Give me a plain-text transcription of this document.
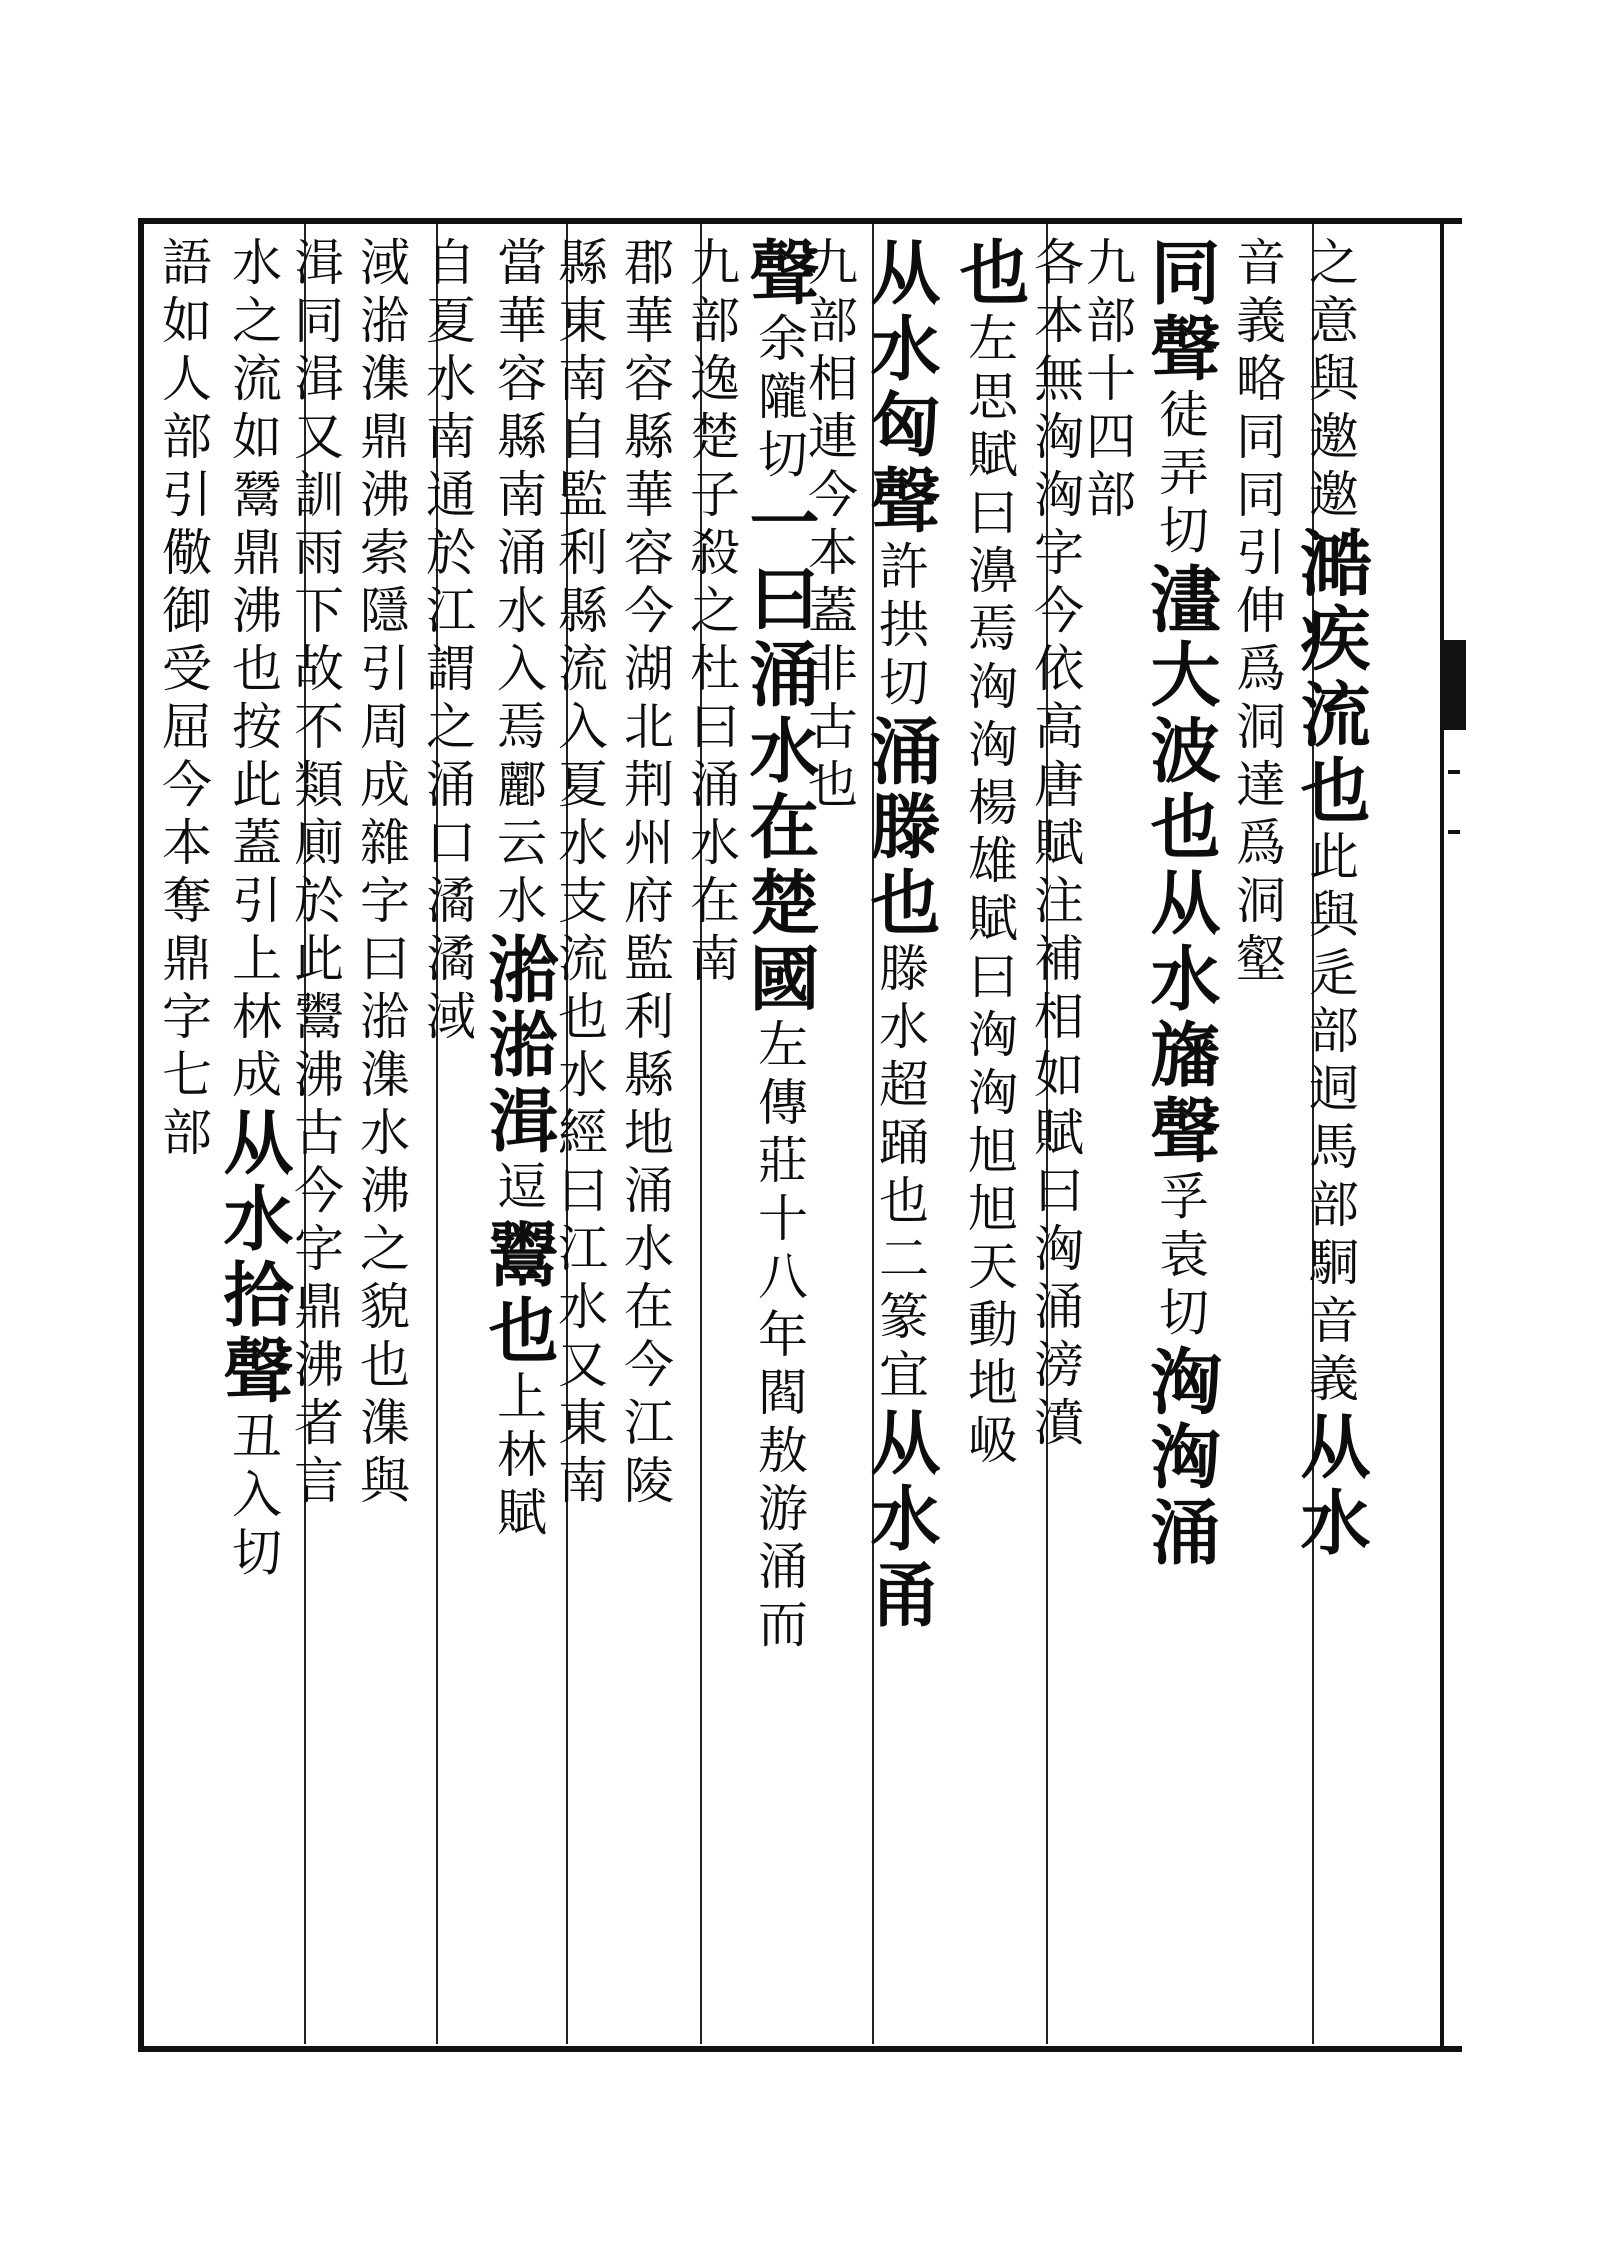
之意與邀邀㵆疾流也此與辵部迵馬部駧音義从水
音義略同同引伸爲洞達爲洞壑
同聲徒弄切澅大波也从水旛聲孚袁切洶洶涌
九部十四部
各本無洶洶字今依高唐賦注補相如賦曰洶涌滂濆
也左思賦曰濞焉洶洶楊雄賦曰洶洶旭旭天動地岋
从水匈聲許拱切涌滕也滕水超踊也二篆宜从水甬
九部相連今本蓋非古也
聲余隴切一曰涌水在楚國左傳莊十八年閻敖游涌而
九部逸楚子殺之杜曰涌水在南
郡華容縣華容今湖北荆州府監利縣地涌水在今江陵
縣東南自監利縣流入夏水支流也水經曰江水又東南
當華容縣南涌水入焉酈云水湁湁湒逗鬻也上林賦
自夏水南通於江謂之涌口潏潏淢
淢湁潗鼎沸索隱引周成雜字曰湁潗水沸之貌也潗與
湒同湒又訓雨下故不類廁於此鬻沸古今字鼎沸者言
水之流如鬵鼎沸也按此蓋引上林成从水拾聲丑入切
語如人部引儆御受屈今本奪鼎字七部
